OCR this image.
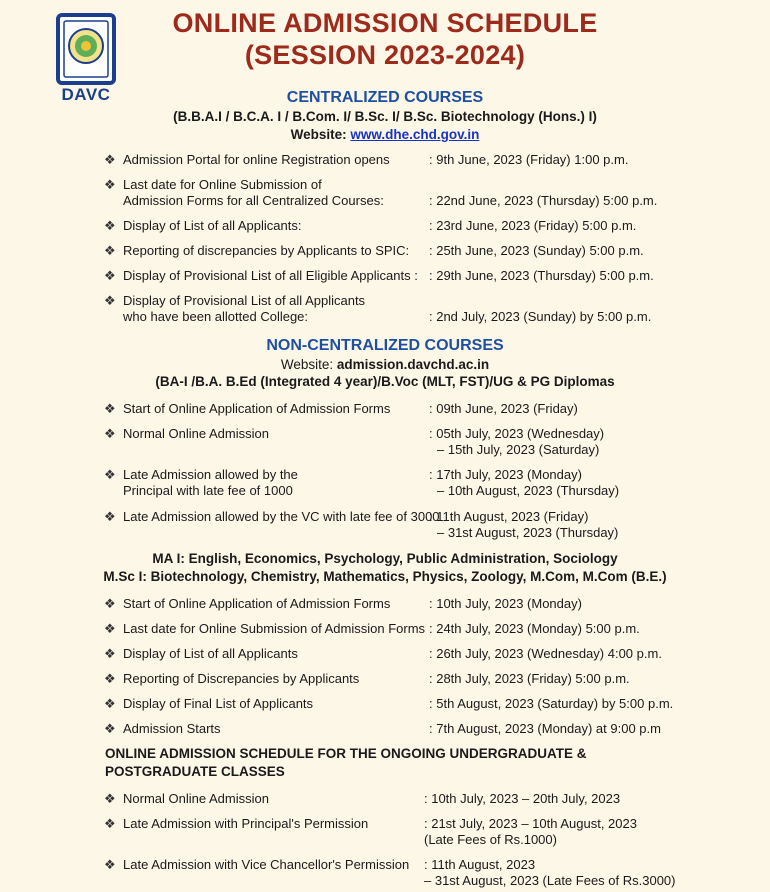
DAVC
ONLINE ADMISSION SCHEDULE
(SESSION 2023-2024)
CENTRALIZED COURSES
(B.B.A.I / B.C.A. I / B.Com. I/ B.Sc. I/ B.Sc. Biotechnology (Hons.) I)
Website: www.dhe.chd.gov.in
❖ Admission Portal for online Registration opens	: 9th June, 2023 (Friday) 1:00 p.m.
❖ Last date for Online Submission of
Admission Forms for all Centralized Courses:	: 22nd June, 2023 (Thursday) 5:00 p.m.
❖ Display of List of all Applicants:	: 23rd June, 2023 (Friday) 5:00 p.m.
❖ Reporting of discrepancies by Applicants to SPIC: : 25th June, 2023 (Sunday) 5:00 p.m.
❖ Display of Provisional List of all Eligible Applicants : : 29th June, 2023 (Thursday) 5:00 p.m.
❖ Display of Provisional List of all Applicants
who have been allotted College:	: 2nd July, 2023 (Sunday) by 5:00 p.m.
NON-CENTRALIZED COURSES
Website: admission.davchd.ac.in
(BA-I /B.A. B.Ed (Integrated 4 year)/B.Voc (MLT, FST)/UG & PG Diplomas
❖ Start of Online Application of Admission Forms	: 09th June, 2023 (Friday)
❖ Normal Online Admission	: 05th July, 2023 (Wednesday)
– 15th July, 2023 (Saturday)
❖ Late Admission allowed by the
Principal with late fee of 1000
: 17th July, 2023 (Monday)
– 10th August, 2023 (Thursday)
❖ Late Admission allowed by the VC with late fee of 3000
: 11th August, 2023 (Friday)
– 31st August, 2023 (Thursday)
MA I: English, Economics, Psychology, Public Administration, Sociology
M.Sc I: Biotechnology, Chemistry, Mathematics, Physics, Zoology, M.Com, M.Com (B.E.)
❖ Start of Online Application of Admission Forms	: 10th July, 2023 (Monday)
❖ Last date for Online Submission of Admission Forms : 24th July, 2023 (Monday) 5:00 p.m.
❖ Display of List of all Applicants	: 26th July, 2023 (Wednesday) 4:00 p.m.
❖ Reporting of Discrepancies by Applicants	: 28th July, 2023 (Friday) 5:00 p.m.
❖ Display of Final List of Applicants	: 5th August, 2023 (Saturday) by 5:00 p.m.
❖ Admission Starts	: 7th August, 2023 (Monday) at 9:00 p.m
ONLINE ADMISSION SCHEDULE FOR THE ONGOING UNDERGRADUATE & POSTGRADUATE CLASSES
❖ Normal Online Admission	: 10th July, 2023 – 20th July, 2023
❖ Late Admission with Principal's Permission	: 21st July, 2023 – 10th August, 2023
(Late Fees of Rs.1000)
❖ Late Admission with Vice Chancellor's Permission : 11th August, 2023
– 31st August, 2023 (Late Fees of Rs.3000)
